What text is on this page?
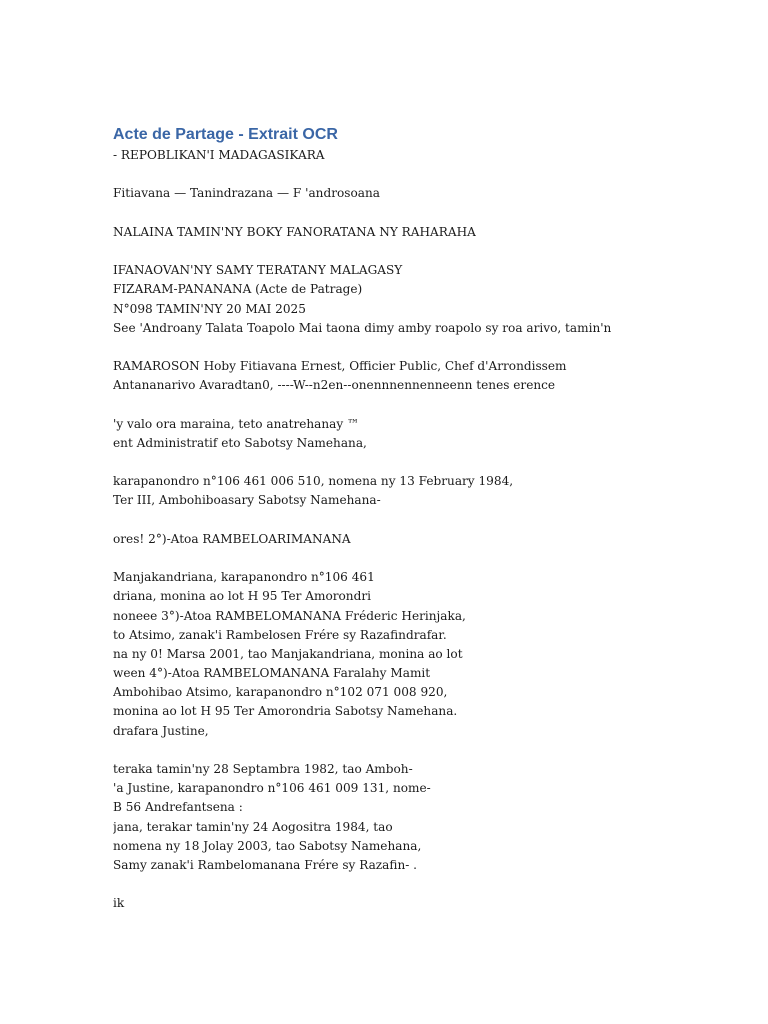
Acte de Partage - Extrait OCR
- REPOBLIKAN'I MADAGASIKARA
Fitiavana — Tanindrazana — F 'androsoana
NALAINA TAMIN'NY BOKY FANORATANA NY RAHARAHA
IFANAOVAN'NY SAMY TERATANY MALAGASY
FIZARAM-PANANANA (Acte de Patrage)
N°098 TAMIN'NY 20 MAI 2025
See 'Androany Talata Toapolo Mai taona dimy amby roapolo sy roa arivo, tamin'n
RAMAROSON Hoby Fitiavana Ernest, Officier Public, Chef d'Arrondissem
Antananarivo Avaradtan0, ----W--n2en--onennnennenneenn tenes erence
'y valo ora maraina, teto anatrehanay ™
ent Administratif eto Sabotsy Namehana,
karapanondro n°106 461 006 510, nomena ny 13 February 1984,
Ter III, Ambohiboasary Sabotsy Namehana-
ores! 2°)-Atoa RAMBELOARIMANANA
Manjakandriana, karapanondro n°106 461
driana, monina ao lot H 95 Ter Amorondri
noneee 3°)-Atoa RAMBELOMANANA Fréderic Herinjaka,
to Atsimo, zanak'i Rambelosen Frére sy Razafindrafar.
na ny 0! Marsa 2001, tao Manjakandriana, monina ao lot
ween 4°)-Atoa RAMBELOMANANA Faralahy Mamit
Ambohibao Atsimo, karapanondro n°102 071 008 920,
monina ao lot H 95 Ter Amorondria Sabotsy Namehana.
drafara Justine,
teraka tamin'ny 28 Septambra 1982, tao Amboh-
'a Justine, karapanondro n°106 461 009 131, nome-
B 56 Andrefantsena :
jana, terakar tamin'ny 24 Aogositra 1984, tao
nomena ny 18 Jolay 2003, tao Sabotsy Namehana,
Samy zanak'i Rambelomanana Frére sy Razafin- .
ik
